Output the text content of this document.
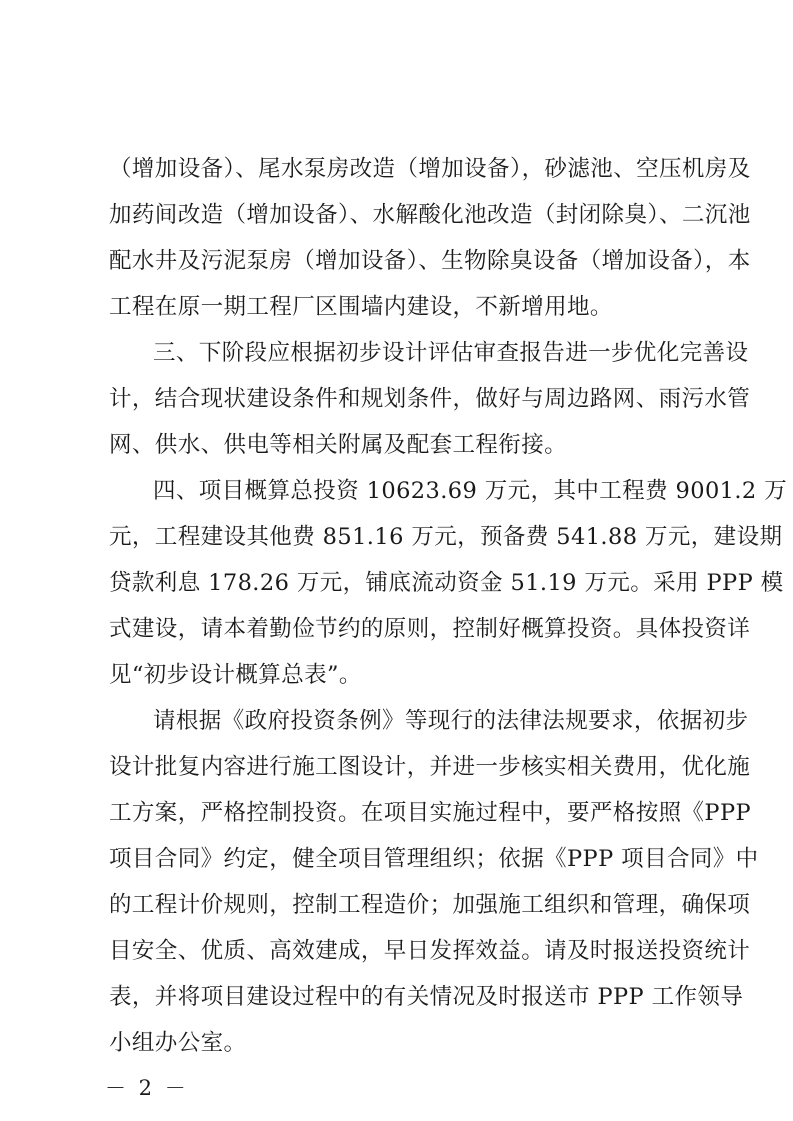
（增加设备）、尾水泵房改造（增加设备），砂滤池、空压机房及
加药间改造（增加设备）、水解酸化池改造（封闭除臭）、二沉池
配水井及污泥泵房（增加设备）、生物除臭设备（增加设备），本
工程在原一期工程厂区围墙内建设，不新增用地。
三、下阶段应根据初步设计评估审查报告进一步优化完善设
计，结合现状建设条件和规划条件，做好与周边路网、雨污水管
网、供水、供电等相关附属及配套工程衔接。
四、项目概算总投资 10623.69 万元，其中工程费 9001.2 万
元，工程建设其他费 851.16 万元，预备费 541.88 万元，建设期
贷款利息 178.26 万元，铺底流动资金 51.19 万元。采用 PPP 模
式建设，请本着勤俭节约的原则，控制好概算投资。具体投资详
见“初步设计概算总表”。
请根据《政府投资条例》等现行的法律法规要求，依据初步
设计批复内容进行施工图设计，并进一步核实相关费用，优化施
工方案，严格控制投资。在项目实施过程中，要严格按照《PPP
项目合同》约定，健全项目管理组织；依据《PPP 项目合同》中
的工程计价规则，控制工程造价；加强施工组织和管理，确保项
目安全、优质、高效建成，早日发挥效益。请及时报送投资统计
表，并将项目建设过程中的有关情况及时报送市 PPP 工作领导
小组办公室。
－ 2 －
